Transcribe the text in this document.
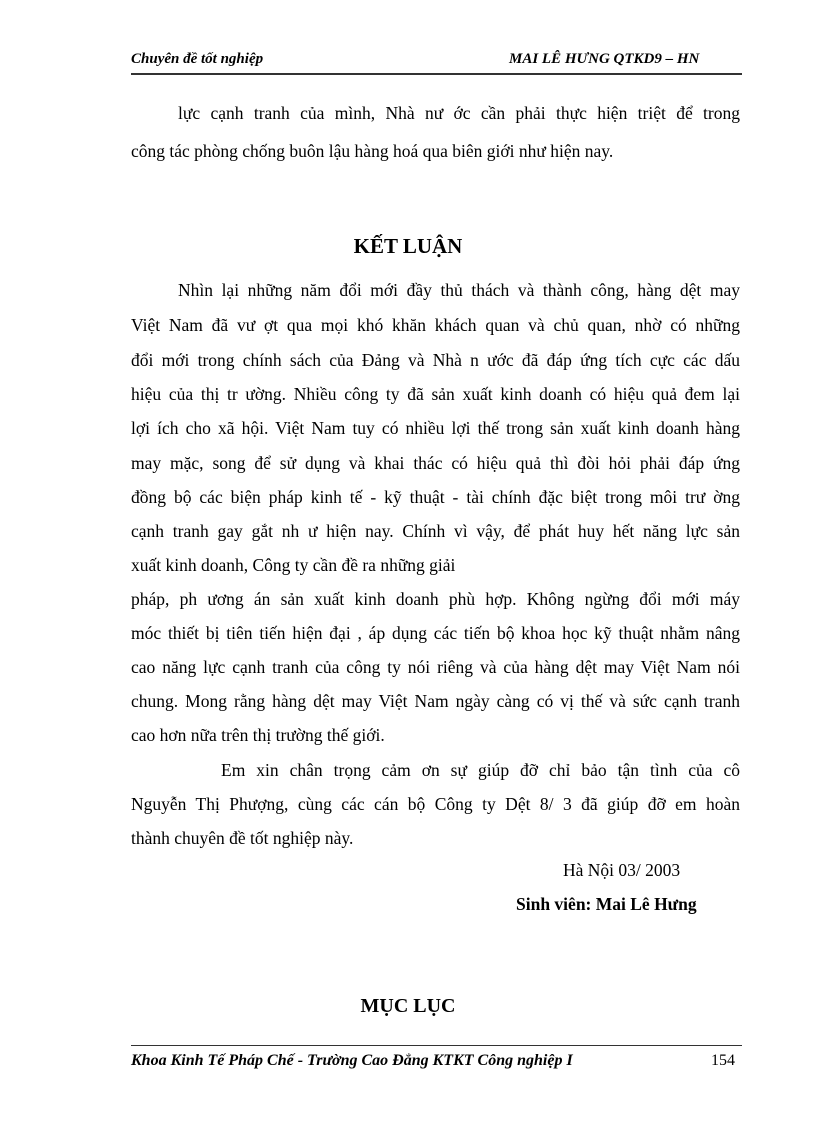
Chuyên đề tốt nghiệp	MAI LÊ HƯNG QTKD9 – HN
lực cạnh tranh của mình, Nhà nư ớc cần phải thực hiện triệt để trong
công tác phòng chống buôn lậu hàng hoá qua biên giới như hiện nay.
KẾT LUẬN
Nhìn lại những năm đổi mới đầy thủ thách và thành công, hàng dệt may
Việt Nam đã vư ợt qua mọi khó khăn khách quan và chủ quan, nhờ có những
đổi mới trong chính sách của Đảng và Nhà n ước đã đáp ứng tích cực các dấu
hiệu của thị tr ường. Nhiều công ty đã sản xuất kinh doanh có hiệu quả đem lại
lợi ích cho xã hội. Việt Nam tuy có nhiều lợi thế trong sản xuất kinh doanh hàng
may mặc, song để sử dụng và khai thác có hiệu quả thì đòi hỏi phải đáp ứng
đồng bộ các biện pháp kinh tế - kỹ thuật - tài chính đặc biệt trong môi trư ờng
cạnh tranh gay gắt nh ư hiện nay. Chính vì vậy, để phát huy hết năng lực sản
xuất kinh doanh, Công ty cần đề ra những giải
pháp, ph ương án sản xuất kinh doanh phù hợp. Không ngừng đổi mới máy
móc thiết bị tiên tiến hiện đại , áp dụng các tiến bộ khoa học kỹ thuật nhằm nâng
cao năng lực cạnh tranh của công ty nói riêng và của hàng dệt may Việt Nam nói
chung. Mong rằng hàng dệt may Việt Nam ngày càng có vị thế và sức cạnh tranh
cao hơn nữa trên thị trường thế giới.
Em xin chân trọng cảm ơn sự giúp đỡ chỉ bảo tận tình của cô
Nguyễn Thị Phượng, cùng các cán bộ Công ty Dệt 8/ 3 đã giúp đỡ em hoàn
thành chuyên đề tốt nghiệp này.
Hà Nội 03/ 2003
Sinh viên: Mai Lê Hưng
MỤC LỤC
Khoa Kinh Tế Pháp Chế - Trường Cao Đẳng KTKT Công nghiệp I	154
